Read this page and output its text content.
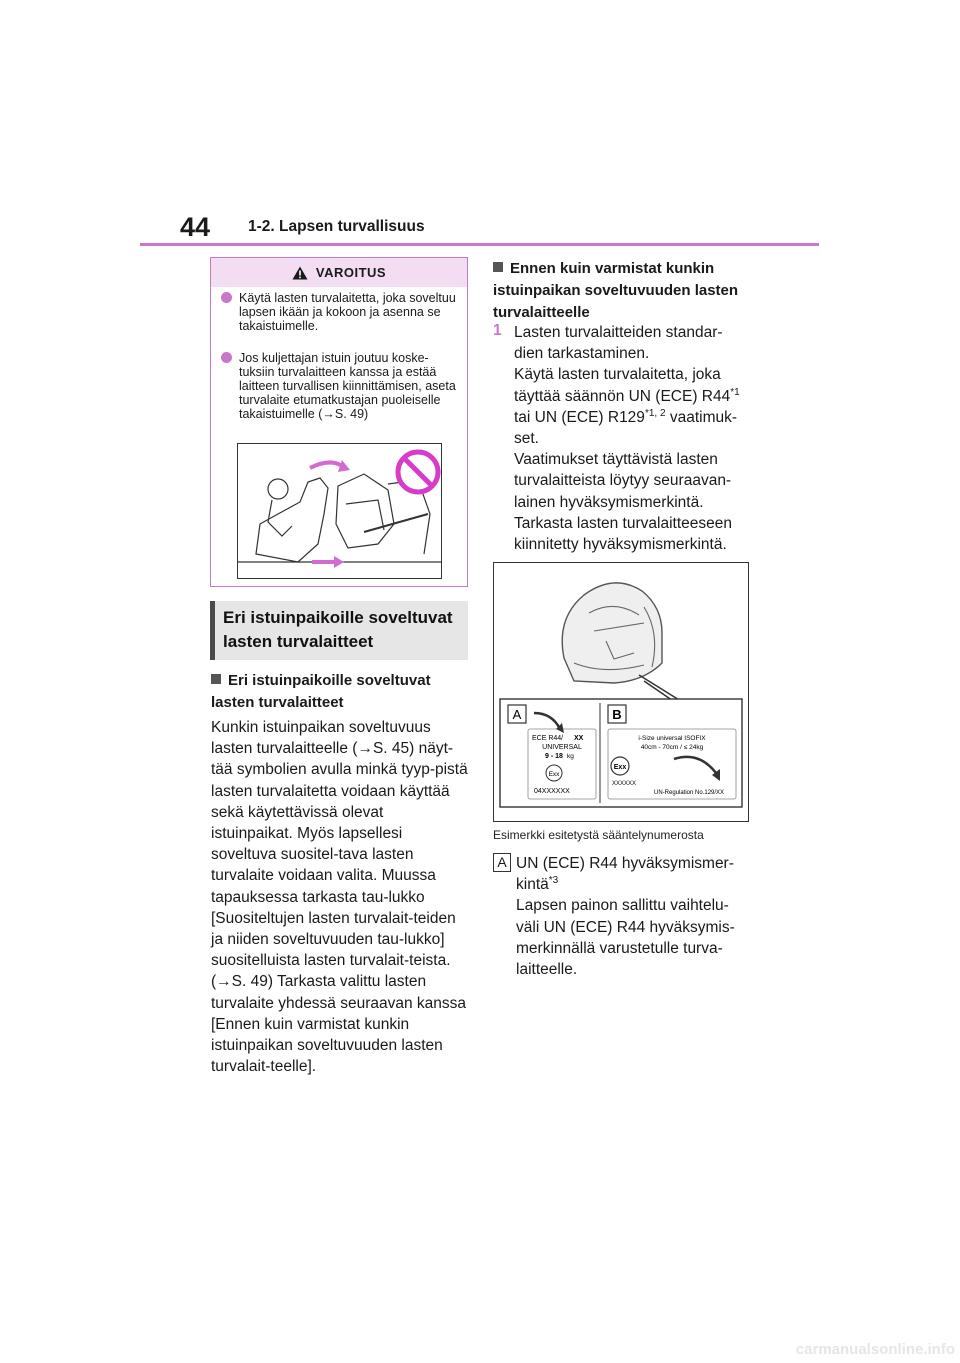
44 1-2. Lapsen turvallisuus
VAROITUS
Käytä lasten turvalaitetta, joka soveltuu lapsen ikään ja kokoon ja asenna se takaistuimelle.
Jos kuljettajan istuin joutuu koske-tuksiin turvalaitteen kanssa ja estää laitteen turvallisen kiinnittämisen, aseta turvalaite etumatkustajan puoleiselle takaistuimelle (→S. 49)
Eri istuinpaikoille soveltuvat lasten turvalaitteet
Eri istuinpaikoille soveltuvat lasten turvalaitteet
Kunkin istuinpaikan soveltuvuus lasten turvalaitteelle (→S. 45) näyt-tää symbolien avulla minkä tyyp-pistä lasten turvalaitetta voidaan käyttää sekä käytettävissä olevat istuinpaikat. Myös lapsellesi soveltuva suositel-tava lasten turvalaite voidaan valita. Muussa tapauksessa tarkasta tau-lukko [Suositeltujen lasten turvalait-teiden ja niiden soveltuvuuden tau-lukko] suositelluista lasten turvalait-teista. (→S. 49) Tarkasta valittu lasten turvalaite yhdessä seuraavan kanssa [Ennen kuin varmistat kunkin istuinpaikan soveltuvuuden lasten turvalait-teelle].
Ennen kuin varmistat kunkin istuinpaikan soveltuvuuden lasten turvalaitteelle
1 Lasten turvalaitteiden standar-dien tarkastaminen.
Käytä lasten turvalaitetta, joka täyttää säännön UN (ECE) R44$^{*1}$ tai UN (ECE) R129$^{*1, 2}$ vaatimuk-set.
Vaatimukset täyttävistä lasten turvalaitteista löytyy seuraavan-lainen hyväksymismerkintä. Tarkasta lasten turvalaitteeseen kiinnitetty hyväksymismerkintä.
A	B
ECE R44/ XX
UNIVERSAL
9 - 18 kg
Exx
04XXXXXX
i-Size universal ISOFIX
40cm - 70cm / ≤ 24kg
Exx
XXXXXX
UN-Regulation No.129/XX
Esimerkki esitetystä sääntelynumerosta
A UN (ECE) R44 hyväksymismer-kintä$^{*3}$
Lapsen painon sallittu vaihtelu-väli UN (ECE) R44 hyväksymis-merkinnällä varustetulle turva-laitteelle.
carmanualsonline.info
